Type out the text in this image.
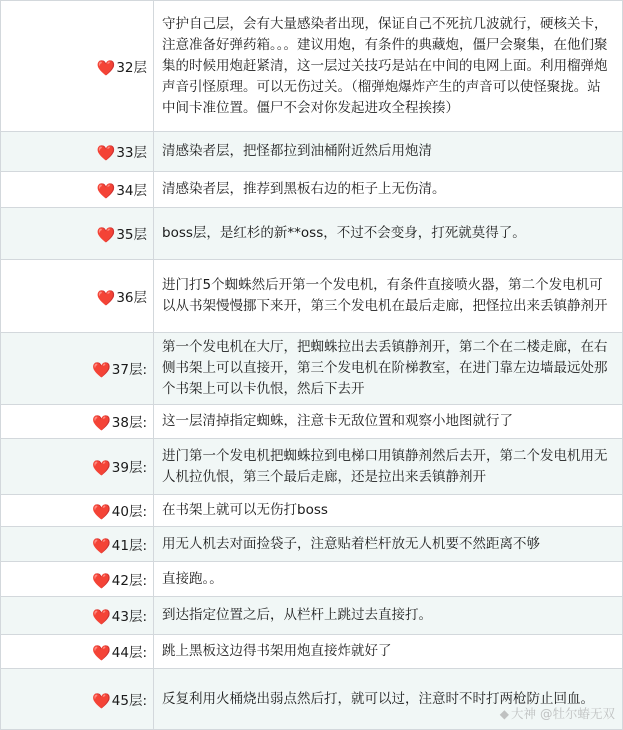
❤️32层	守护自己层，会有大量感染者出现，保证自己不死抗几波就行，硬核关卡，注意准备好弹药箱。。。建议用炮，有条件的典藏炮，僵尸会聚集，在他们聚集的时候用炮赶紧清，这一层过关技巧是站在中间的电网上面。利用榴弹炮声音引怪原理。可以无伤过关。（榴弹炮爆炸产生的声音可以使怪聚拢。站中间卡准位置。僵尸不会对你发起进攻全程挨揍）
❤️33层	清感染者层，把怪都拉到油桶附近然后用炮清
❤️34层	清感染者层，推荐到黑板右边的柜子上无伤清。
❤️35层	boss层，是红杉的新**oss，不过不会变身，打死就莫得了。
❤️36层	进门打5个蜘蛛然后开第一个发电机，有条件直接喷火器，第二个发电机可以从书架慢慢挪下来开，第三个发电机在最后走廊，把怪拉出来丢镇静剂开
❤️37层:	第一个发电机在大厅，把蜘蛛拉出去丢镇静剂开，第二个在二楼走廊，在右侧书架上可以直接开，第三个发电机在阶梯教室，在进门靠左边墙最远处那个书架上可以卡仇恨，然后下去开
❤️38层:	这一层清掉指定蜘蛛，注意卡无敌位置和观察小地图就行了
❤️39层:	进门第一个发电机把蜘蛛拉到电梯口用镇静剂然后去开，第二个发电机用无人机拉仇恨，第三个最后走廊，还是拉出来丢镇静剂开
❤️40层:	在书架上就可以无伤打boss
❤️41层:	用无人机去对面捡袋子，注意贴着栏杆放无人机要不然距离不够
❤️42层:	直接跑。。
❤️43层:	到达指定位置之后，从栏杆上跳过去直接打。
❤️44层:	跳上黑板这边得书架用炮直接炸就好了
❤️45层:	反复利用火桶烧出弱点然后打，就可以过，注意时不时打两枪防止回血。
◆ 大神 @牡尔蝽无双
